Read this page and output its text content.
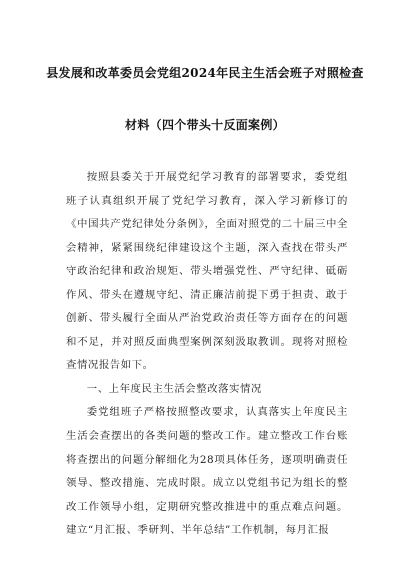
县发展和改革委员会党组2024年民主生活会班子对照检查
材料（四个带头十反面案例）

按照县委关于开展党纪学习教育的部署要求，委党组班子认真组织开展了党纪学习教育，深入学习新修订的《中国共产党纪律处分条例》，全面对照党的二十届三中全会精神，紧紧围绕纪律建设这个主题，深入查找在带头严守政治纪律和政治规矩、带头增强党性、严守纪律、砥砺作风、带头在遵规守纪、清正廉洁前提下勇于担责、敢于创新、带头履行全面从严治党政治责任等方面存在的问题和不足，并对照反面典型案例深刻汲取教训。现将对照检查情况报告如下。

一、上年度民主生活会整改落实情况

委党组班子严格按照整改要求，认真落实上年度民主生活会查摆出的各类问题的整改工作。建立整改工作台账将查摆出的问题分解细化为28项具体任务，逐项明确责任领导、整改措施、完成时限。成立以党组书记为组长的整改工作领导小组，定期研究整改推进中的重点难点问题。建立“月汇报、季研判、半年总结”工作机制，每月汇报
